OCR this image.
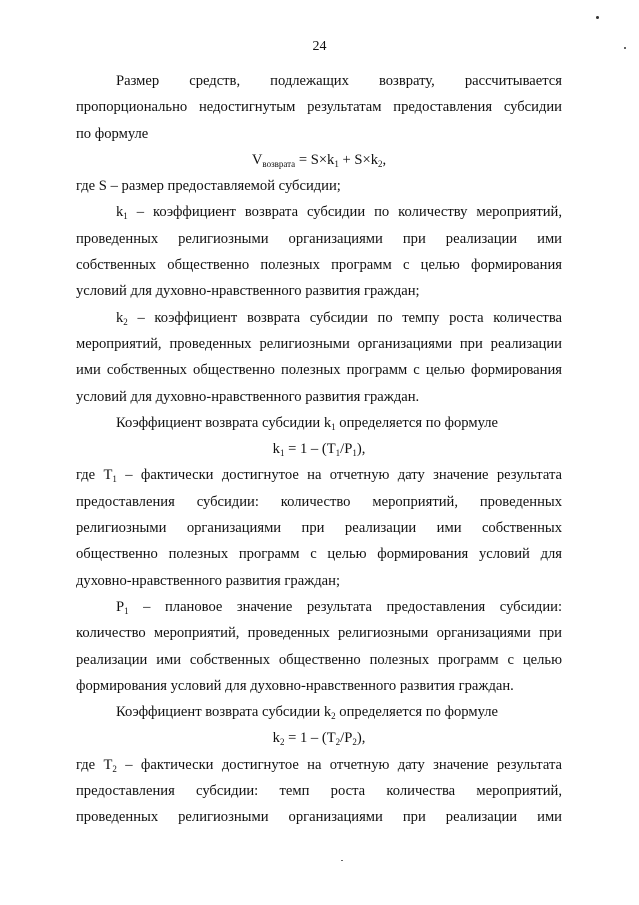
24

Размер средств, подлежащих возврату, рассчитывается

пропорционально недостигнутым результатам предоставления субсидии

по формуле

$V_{возврата} = S\times k_1 + S\times k_2$,

где S – размер предоставляемой субсидии;

$k_1$ – коэффициент возврата субсидии по количеству мероприятий,

проведенных религиозными организациями при реализации ими

собственных общественно полезных программ с целью формирования

условий для духовно-нравственного развития граждан;

$k_2$ – коэффициент возврата субсидии по темпу роста количества

мероприятий, проведенных религиозными организациями при реализации

ими собственных общественно полезных программ с целью формирования

условий для духовно-нравственного развития граждан.

Коэффициент возврата субсидии $k_1$ определяется по формуле

$k_1 = 1 - (T_1/P_1)$,

где $T_1$ – фактически достигнутое на отчетную дату значение результата

предоставления субсидии: количество мероприятий, проведенных

религиозными организациями при реализации ими собственных

общественно полезных программ с целью формирования условий для

духовно-нравственного развития граждан;

$P_1$ – плановое значение результата предоставления субсидии:

количество мероприятий, проведенных религиозными организациями при

реализации ими собственных общественно полезных программ с целью

формирования условий для духовно-нравственного развития граждан.

Коэффициент возврата субсидии $k_2$ определяется по формуле

$k_2 = 1 - (T_2/P_2)$,

где $T_2$ – фактически достигнутое на отчетную дату значение результата

предоставления субсидии: темп роста количества мероприятий,

проведенных религиозными организациями при реализации ими
